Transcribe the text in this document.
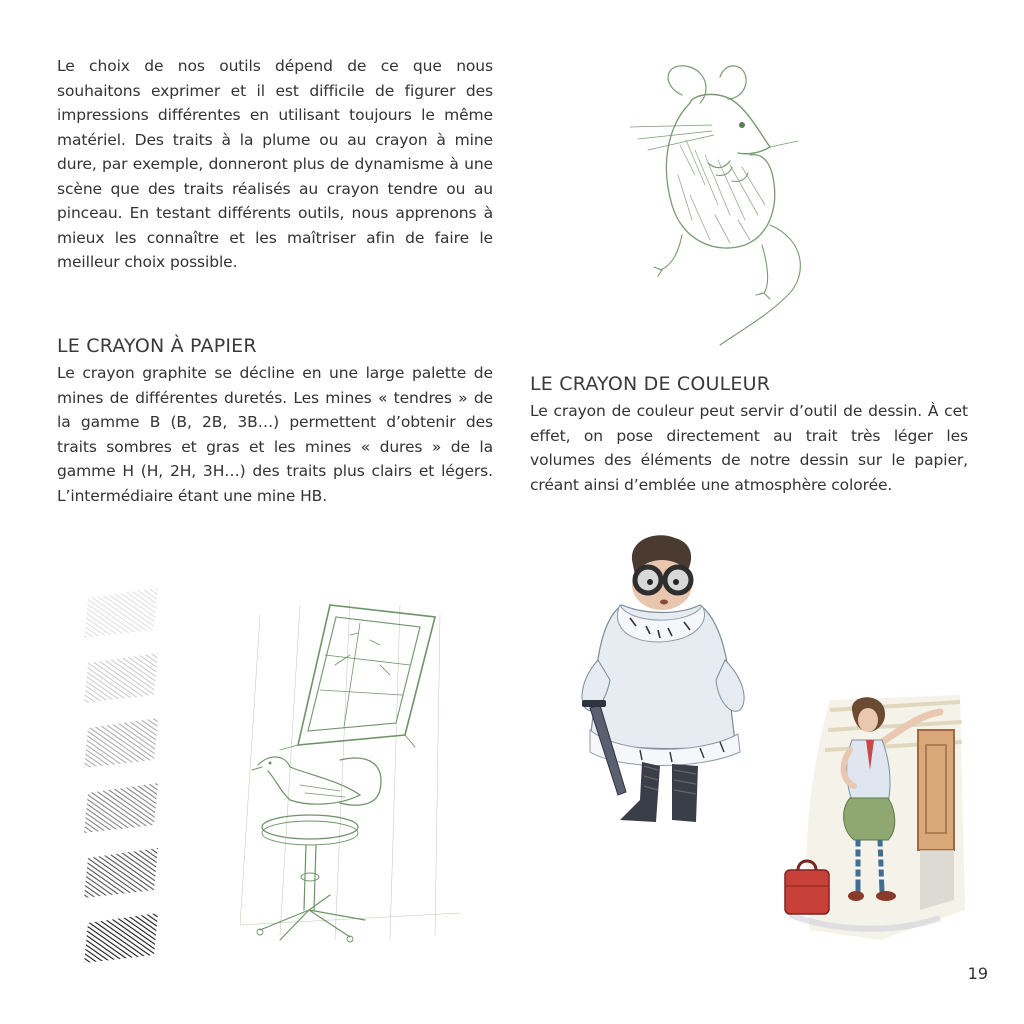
Le choix de nos outils dépend de ce que nous souhaitons exprimer et il est difficile de figurer des impressions différentes en utilisant toujours le même matériel. Des traits à la plume ou au crayon à mine dure, par exemple, donneront plus de dynamisme à une scène que des traits réalisés au crayon tendre ou au pinceau. En testant différents outils, nous apprenons à mieux les connaître et les maîtriser afin de faire le meilleur choix possible.

LE CRAYON À PAPIER

Le crayon graphite se décline en une large palette de mines de différentes duretés. Les mines « tendres » de la gamme B (B, 2B, 3B…) permettent d’obtenir des traits sombres et gras et les mines « dures » de la gamme H (H, 2H, 3H…) des traits plus clairs et légers. L’intermédiaire étant une mine HB.

LE CRAYON DE COULEUR

Le crayon de couleur peut servir d’outil de dessin. À cet effet, on pose directement au trait très léger les volumes des éléments de notre dessin sur le papier, créant ainsi d’emblée une atmosphère colorée.

19
